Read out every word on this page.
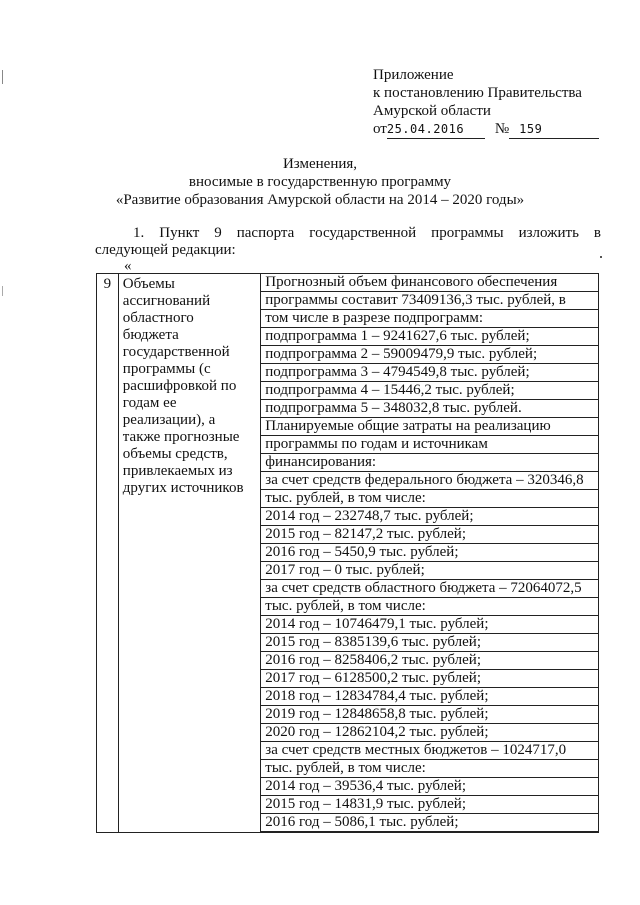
Приложение
к постановлению Правительства
Амурской области
от25.04.2016 № 159
Изменения,
вносимые в государственную программу
«Развитие образования Амурской области на 2014 – 2020 годы»
1. Пункт 9 паспорта государственной программы изложить в
следующей редакции:
«
9	Объемы
ассигнований
областного
бюджета
государственной
программы (с
расшифровкой по
годам ее
реализации), а
также прогнозные
объемы средств,
привлекаемых из
других источников

Прогнозный объем финансового обеспечения
программы составит 73409136,3 тыс. рублей, в
том числе в разрезе подпрограмм:
подпрограмма 1 – 9241627,6 тыс. рублей;
подпрограмма 2 – 59009479,9 тыс. рублей;
подпрограмма 3 – 4794549,8 тыс. рублей;
подпрограмма 4 – 15446,2 тыс. рублей;
подпрограмма 5 – 348032,8 тыс. рублей.
Планируемые общие затраты на реализацию
программы по годам и источникам
финансирования:
за счет средств федерального бюджета – 320346,8
тыс. рублей, в том числе:
2014 год – 232748,7 тыс. рублей;
2015 год – 82147,2 тыс. рублей;
2016 год – 5450,9 тыс. рублей;
2017 год – 0 тыс. рублей;
за счет средств областного бюджета – 72064072,5
тыс. рублей, в том числе:
2014 год – 10746479,1 тыс. рублей;
2015 год – 8385139,6 тыс. рублей;
2016 год – 8258406,2 тыс. рублей;
2017 год – 6128500,2 тыс. рублей;
2018 год – 12834784,4 тыс. рублей;
2019 год – 12848658,8 тыс. рублей;
2020 год – 12862104,2 тыс. рублей;
за счет средств местных бюджетов – 1024717,0
тыс. рублей, в том числе:
2014 год – 39536,4 тыс. рублей;
2015 год – 14831,9 тыс. рублей;
2016 год – 5086,1 тыс. рублей;
